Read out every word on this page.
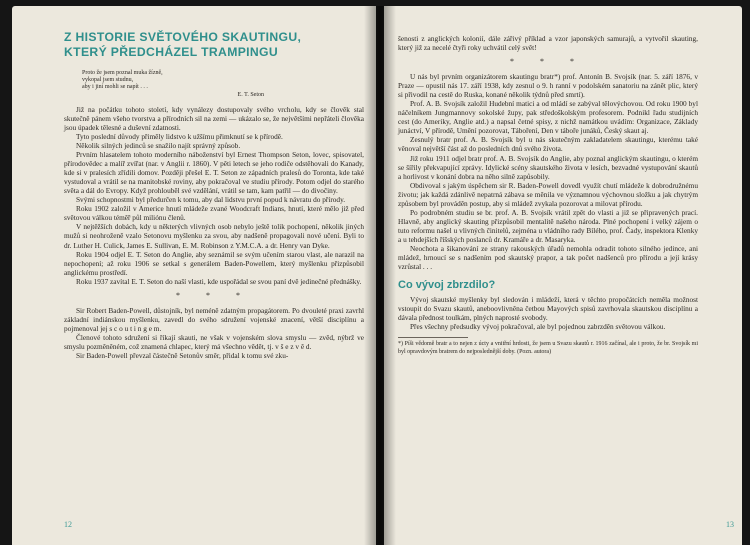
Z HISTORIE SVĚTOVÉHO SKAUTINGU,
KTERÝ PŘEDCHÁZEL TRAMPINGU
Proto že jsem poznal muka žízně,
vykopal jsem studnu,
aby i jiní mohli se napít . . .
E. T. Seton

Již na počátku tohoto století, kdy vynálezy dostupovaly svého vrcholu, kdy se člověk stal skutečně pánem všeho tvorstva a přírodních sil na zemi — ukázalo se, že největšími nepřáteli člověka jsou úpadek tělesné a duševní zdatnosti.

Tyto poslední důvody přiměly lidstvo k užšímu přimknutí se k přírodě.

Několik silných jedinců se snažilo najít správný způsob.

Prvním hlasatelem tohoto moderního náboženství byl Ernest Thompson Seton, lovec, spisovatel, přírodovědec a malíř zvířat (nar. v Anglii r. 1860). V pěti letech se jeho rodiče odstěhovali do Kanady, kde si v pralesích zřídili domov. Později přešel E. T. Seton ze západních pralesů do Toronta, kde také vystudoval a vrátil se na manitobské roviny, aby pokračoval ve studiu přírody. Potom odjel do starého světa a dál do Evropy. Když prohlouběl své vzdělání, vrátil se tam, kam patřil — do divočiny.

Svými schopnostmi byl předurčen k tomu, aby dal lidstvu první popud k návratu do přírody.

Roku 1902 založil v Americe hnutí mládeže zvané Woodcraft Indians, hnutí, které mělo již před světovou válkou téměř půl miliónu členů.

V nejtěžších dobách, kdy u některých vlivných osob nebylo ještě tolik pochopení, několik jiných mužů si neohroženě vzalo Setonovu myšlenku za svou, aby nadšeně propagovali nové učení. Byli to dr. Luther H. Culick, James E. Sullivan, E. M. Robinson z Y.M.C.A. a dr. Henry van Dyke.

Roku 1904 odjel E. T. Seton do Anglie, aby seznámil se svým učením starou vlast, ale narazil na nepochopení; až roku 1906 se setkal s generálem Baden-Powellem, který myšlenku přizpůsobil anglickému prostředí.

Roku 1937 zavítal E. T. Seton do naší vlasti, kde uspořádal se svou paní dvě jedinečné přednášky.

* * *

Sir Robert Baden-Powell, důstojník, byl neméně zdatným propagátorem. Po dvouleté praxi zavrhl základní indiánskou myšlenku, zavedl do svého sdružení vojenské znacení, větší disciplínu a pojmenoval jej s c o u t i n g e m.

Členové tohoto sdružení si říkají skauti, ne však v vojenském slova smyslu — zvěd, nýbrž ve smyslu pozměněném, což znamená chlapec, který má všechno vědět, tj. v š e z v ě d.

Sir Baden-Powell převzal částečně Setonův směr, přidal k tomu své zku-

12

šenosti z anglických kolonií, dále zářivý příklad a vzor japonských samurajů, a vytvořil skauting, který již za necelé čtyři roky uchvátil celý svět!

* * *

U nás byl prvním organizátorem skautingu bratr*) prof. Antonín B. Svojsík (nar. 5. září 1876, v Praze — opustil nás 17. září 1938, kdy zesnul o 9. h ranní v podolském sanatoriu na zánět plic, který si přivodil na cestě do Ruska, konané několik týdnů před smrtí).

Prof. A. B. Svojsík založil Hudební matici a od mládí se zabýval tělovýchovou. Od roku 1900 byl náčelníkem Jungmannovy sokolské župy, pak středoškolským profesorem. Podnikl řadu studijních cest (do Ameriky, Anglie atd.) a napsal četné spisy, z nichž namátkou uvádím: Organizace, Základy junáctví, V přírodě, Umění pozorovat, Táboření, Den v táboře junáků, Český skaut aj.

Zesnulý bratr prof. A. B. Svojsík byl u nás skutečným zakladatelem skautingu, kterému také věnoval největší část až do posledních dnů svého života.

Již roku 1911 odjel bratr prof. A. B. Svojsík do Anglie, aby poznal anglickým skautingu, o kterém se šířily překvapující zprávy. Idylické scény skautského života v lesích, bezvadné vystupování skautů a horlivost v konání dobra na něho silně zapůsobily.

Obdivoval s jakým úspěchem sir R. Baden-Powell dovedl využít chutí mládeže k dobrodružnému životu; jak každá zdánlivě nepatrná zábava se měnila ve významnou výchovnou složku a jak chytrým způsobem byl prováděn postup, aby si mládež zvykala pozorovat a milovat přírodu.

Po podrobném studiu se br. prof. A. B. Svojsík vrátil zpět do vlasti a již se připravených prací. Hlavně, aby anglický skauting přizpůsobil mentalitě našeho národa. Plné pochopení i velký zájem o tuto reformu našel u vlivných činitelů, zejména u vládního rady Bílého, prof. Čady, inspektora Klenky a u tehdejších říšských poslanců dr. Kramáře a dr. Masaryka.

Neochota a šikanování ze strany rakouských úřadů nemohla odradit tohoto silného jedince, ani mládež, hrnoucí se s nadšením pod skautský prapor, a tak počet nadšenců pro přírodu a její krásy vzrůstal . . .

Co vývoj zbrzdilo?

Vývoj skautské myšlenky byl sledován i mládeží, která v těchto propočátcích neměla možnost vstoupit do Svazu skautů, aneboovlivněna četbou Mayových spisů zavrhovala skautskou disciplínu a dávala přednost toulkám, plných naprosté svobody.

Přes všechny předsudky vývoj pokračoval, ale byl pojednou zabrzděn světovou válkou.

*) Píši vědomě bratr a to nejen z úcty a vnitřní hrdosti, že jsem u Svazu skautů r. 1916 začínal, ale i proto, že br. Svojsík mi byl opravdovým bratrem do nejposlednější doby. (Pozn. autora)
13
